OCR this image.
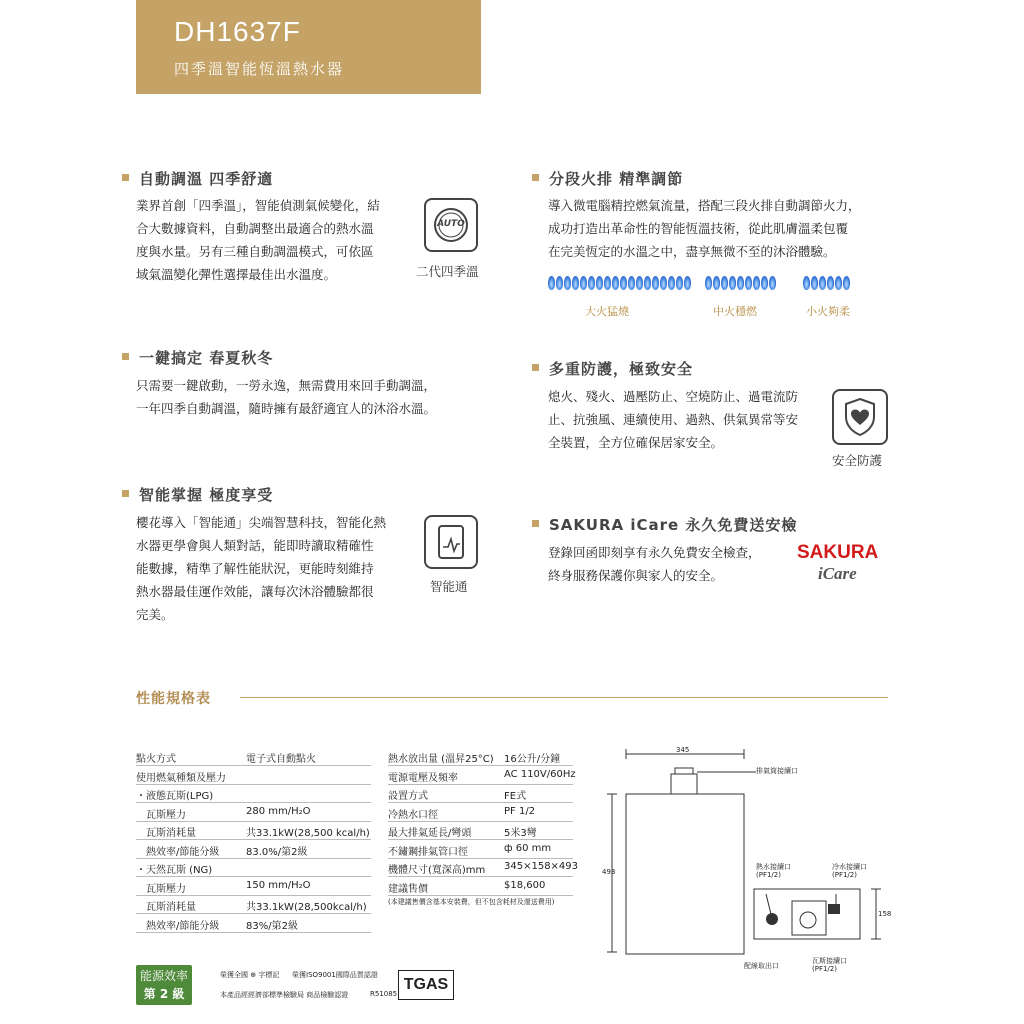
DH1637F
四季溫智能恆溫熱水器
自動調溫 四季舒適
業界首創「四季溫」，智能偵測氣候變化，結
合大數據資料，自動調整出最適合的熱水溫
度與水量。另有三種自動調溫模式，可依區
域氣溫變化彈性選擇最佳出水溫度。
AUTO
二代四季溫
一鍵搞定 春夏秋冬
只需要一鍵啟動，一勞永逸，無需費用來回手動調溫，
一年四季自動調溫，隨時擁有最舒適宜人的沐浴水溫。
智能掌握 極度享受
櫻花導入「智能通」尖端智慧科技，智能化熱
水器更學會與人類對話，能即時讀取精確性
能數據，精準了解性能狀況，更能時刻維持
熱水器最佳運作效能，讓每次沐浴體驗都很
完美。
智能通
分段火排 精準調節
導入微電腦精控燃氣流量，搭配三段火排自動調節火力，
成功打造出革命性的智能恆溫技術，從此肌膚溫柔包覆
在完美恆定的水溫之中，盡享無微不至的沐浴體驗。
大火猛燒	中火穩燃	小火夠柔
多重防護，極致安全
熄火、殘火、過壓防止、空燒防止、過電流防
止、抗強風、連續使用、過熱、供氣異常等安
全裝置，全方位確保居家安全。
安全防護
SAKURA iCare 永久免費送安檢
登錄回函即刻享有永久免費安全檢查，
終身服務保護你與家人的安全。
SAKURA
iCare
性能規格表
點火方式	電子式自動點火
使用燃氣種類及壓力
・液態瓦斯(LPG)
瓦斯壓力	280 mm/H₂O
瓦斯消耗量	共33.1kW(28,500 kcal/h)
熱效率/節能分級	83.0%/第2級
・天然瓦斯 (NG)
瓦斯壓力	150 mm/H₂O
瓦斯消耗量	共33.1kW(28,500kcal/h)
熱效率/節能分級	83%/第2級
熱水放出量 (溫昇25°C) 16公升/分鐘
電源電壓及頻率	AC 110V/60Hz
設置方式	FE式
冷熱水口徑	PF 1/2
最大排氣延長/彎頭	5米3彎
不鏽鋼排氣管口徑	ф 60 mm
機體尺寸(寬深高)mm 345×158×493
建議售價	$18,600
(本建議售價含基本安裝費，但不包含耗材及運送費用)
345
493
158
排氣筒接續口
熱水接續口
(PF1/2)
冷水接續口
(PF1/2)
配線取出口
瓦斯接續口
(PF1/2)
能源效率
第 2 級
榮獲全國 ⊕ 字標記 榮獲ISO9001國際品質認證
本產品經經濟部標準檢驗局 商品檢驗認證	R51085
TGAS
